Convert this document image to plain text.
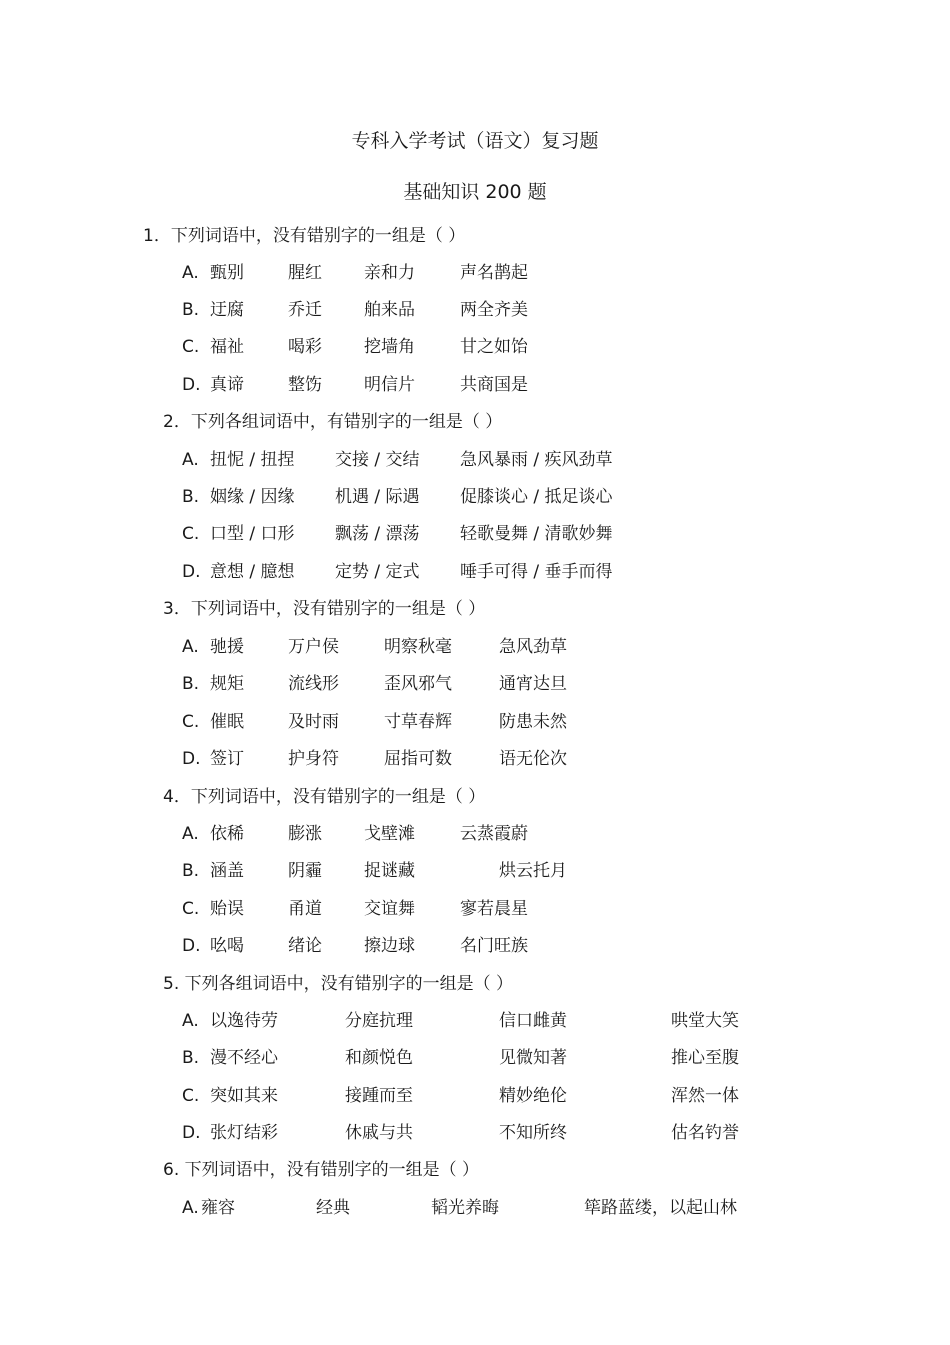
专科入学考试（语文）复习题
基础知识 200 题
1．下列词语中，没有错别字的一组是（ ）
A. 甄别	腥红 亲和力	声名鹊起
B. 迂腐	乔迁 舶来品	两全齐美
C. 福祉	喝彩 挖墙角	甘之如饴
D. 真谛	整饬 明信片	共商国是
2．下列各组词语中，有错别字的一组是（ ）
A. 扭怩 / 扭捏 交接 / 交结 急风暴雨 / 疾风劲草
B. 姻缘 / 因缘 机遇 / 际遇 促膝谈心 / 抵足谈心
C. 口型 / 口形 飘荡 / 漂荡 轻歌曼舞 / 清歌妙舞
D. 意想 / 臆想 定势 / 定式 唾手可得 / 垂手而得
3．下列词语中，没有错别字的一组是（ ）
A. 驰援	万户侯	明察秋毫	急风劲草
B. 规矩	流线形	歪风邪气	通宵达旦
C. 催眠	及时雨	寸草春辉	防患未然
D. 签订	护身符	屈指可数	语无伦次
4．下列词语中，没有错别字的一组是（ ）
A. 依稀	膨涨 戈壁滩	云蒸霞蔚
B. 涵盖	阴霾 捉谜藏	烘云托月
C. 贻误	甬道 交谊舞	寥若晨星
D. 吆喝	绪论 擦边球	名门旺族
5. 下列各组词语中，没有错别字的一组是（ ）
A. 以逸待劳	分庭抗理	信口雌黄	哄堂大笑
B. 漫不经心	和颜悦色	见微知著	推心至腹
C. 突如其来	接踵而至	精妙绝伦	浑然一体
D. 张灯结彩	休戚与共	不知所终	估名钓誉
6. 下列词语中，没有错别字的一组是（ ）
A. 雍容	经典	韬光养晦	筚路蓝缕，以起山林
